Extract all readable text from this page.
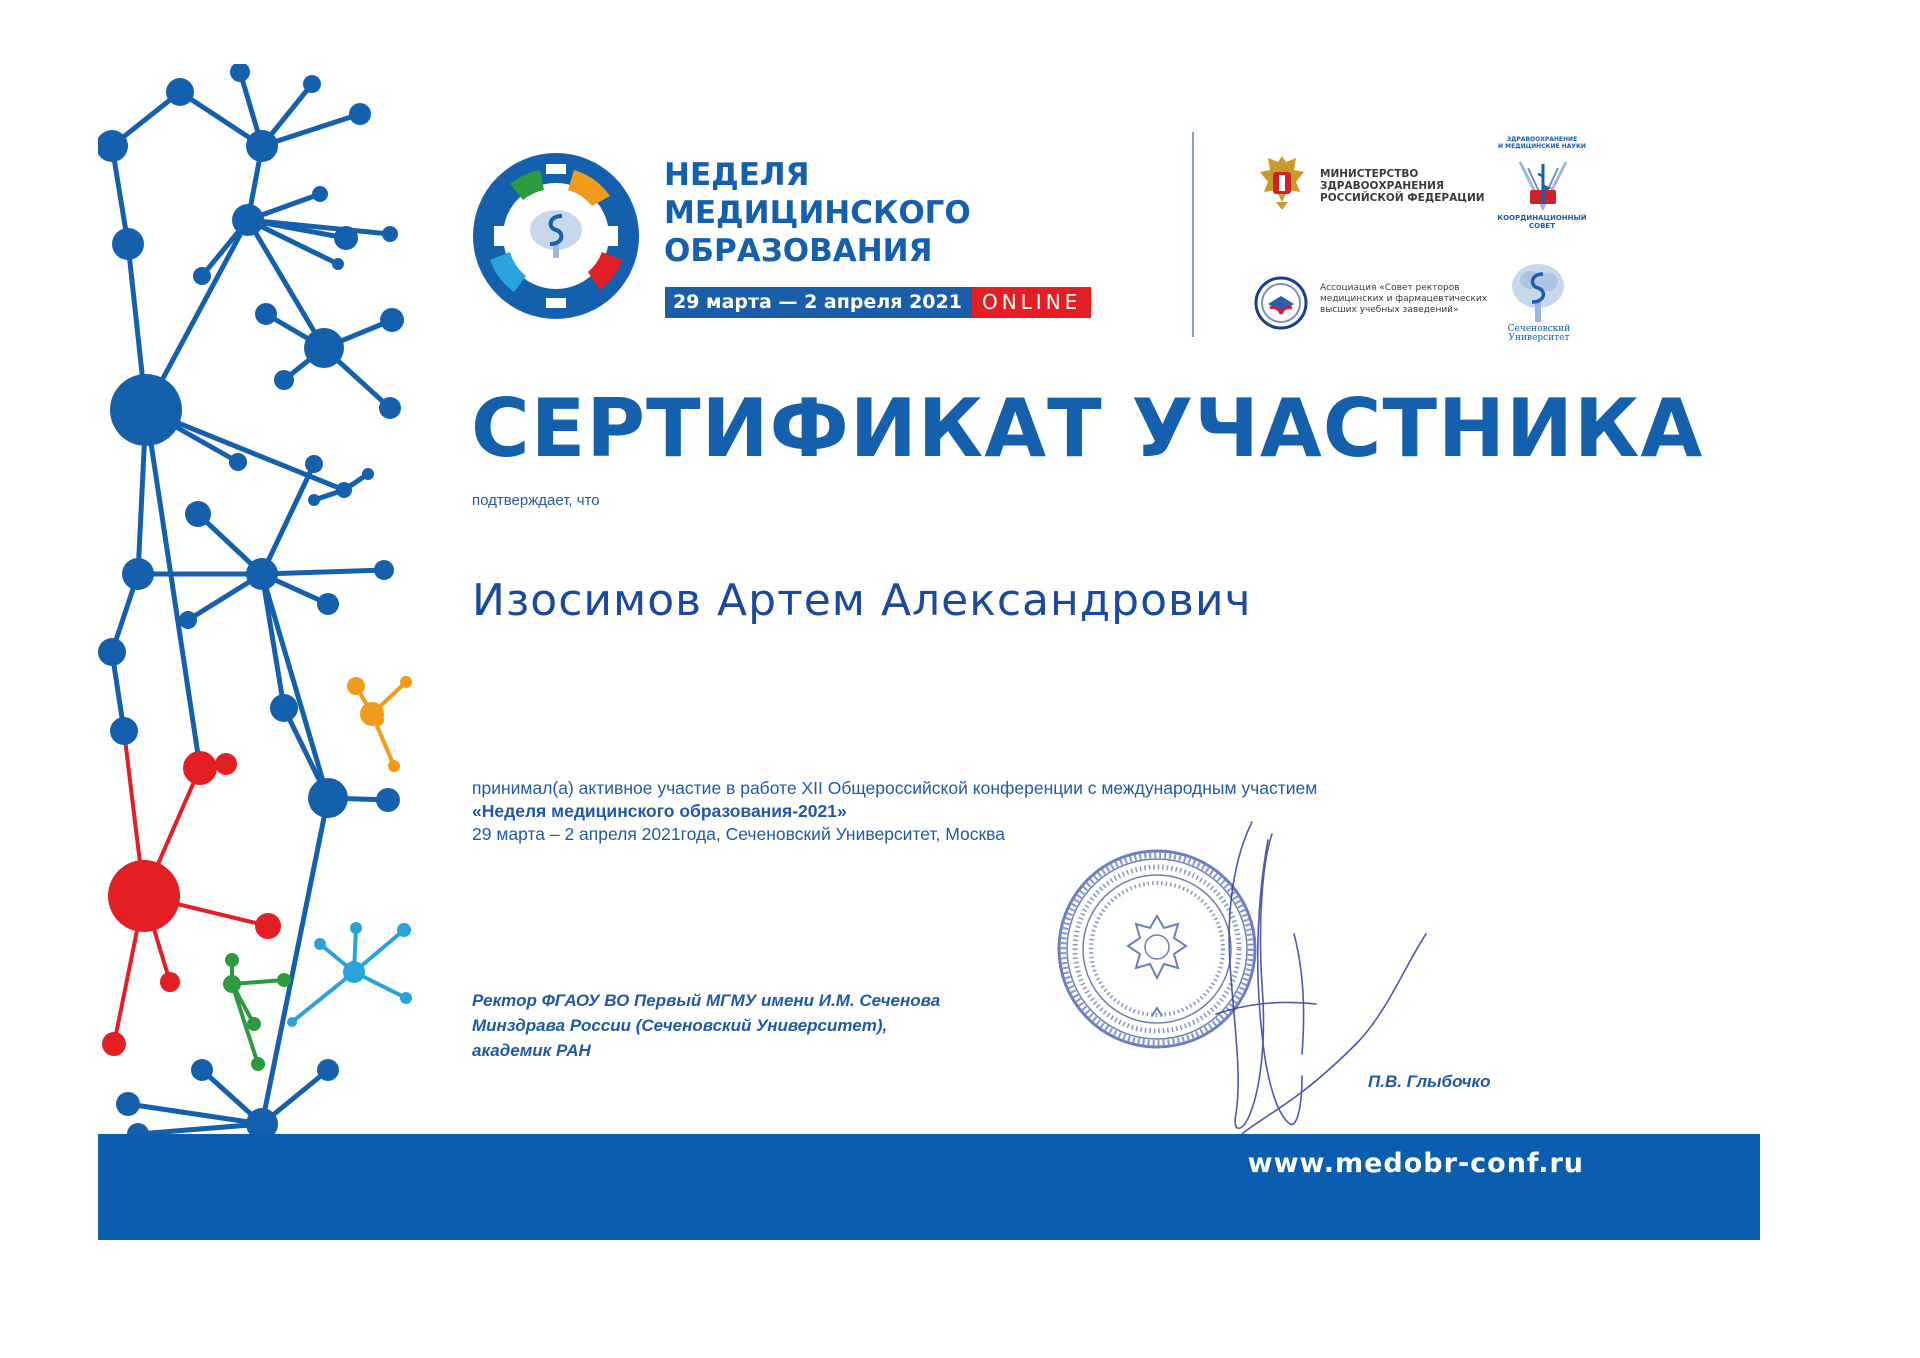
НЕДЕЛЯ
МЕДИЦИНСКОГО
ОБРАЗОВАНИЯ
29 марта — 2 апреля 2021	ONLINE
МИНИСТЕРСТВО
ЗДРАВООХРАНЕНИЯ
РОССИЙСКОЙ ФЕДЕРАЦИИ
ЗДРАВООХРАНЕНИЕ
И МЕДИЦИНСКИЕ НАУКИ
КООРДИНАЦИОННЫЙ
СОВЕТ
Ассоциация «Совет ректоров
медицинских и фармацевтических
высших учебных заведений»
Сеченовский
Университет
СЕРТИФИКАТ УЧАСТНИКА
подтверждает, что
Изосимов Артем Александрович
принимал(а) активное участие в работе XII Общероссийской конференции с международным участием
«Неделя медицинского образования-2021»
29 марта – 2 апреля 2021года, Сеченовский Университет, Москва
Ректор ФГАОУ ВО Первый МГМУ имени И.М. Сеченова
Минздрава России (Сеченовский Университет),
академик РАН
П.В. Глыбочко
www.medobr-conf.ru
